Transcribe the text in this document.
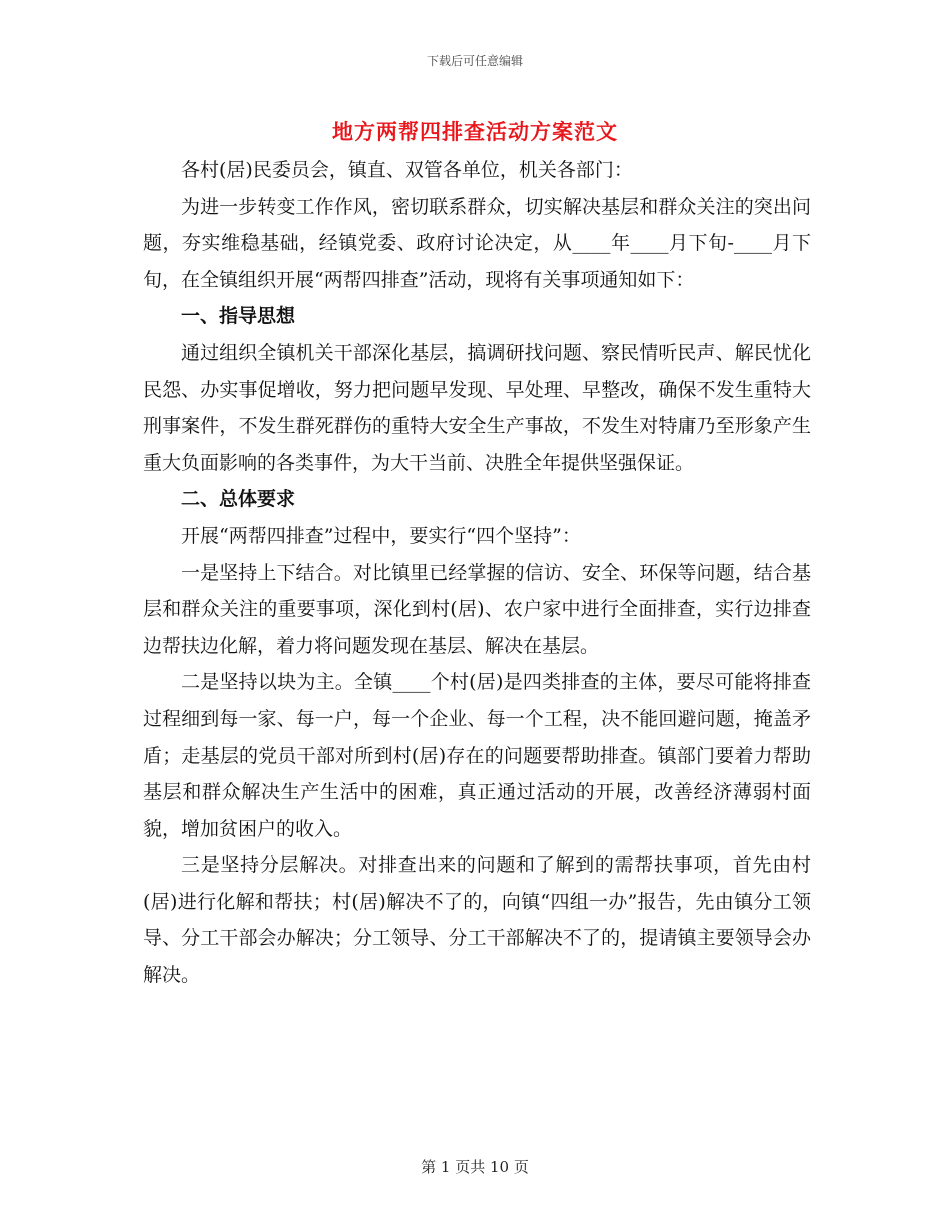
下载后可任意编辑
地方两帮四排查活动方案范文

各村(居)民委员会，镇直、双管各单位，机关各部门：

为进一步转变工作作风，密切联系群众，切实解决基层和群众关注的突出问题，夯实维稳基础，经镇党委、政府讨论决定，从____年____月下旬-____月下旬，在全镇组织开展“两帮四排查”活动，现将有关事项通知如下：

一、指导思想

通过组织全镇机关干部深化基层，搞调研找问题、察民情听民声、解民忧化民怨、办实事促增收，努力把问题早发现、早处理、早整改，确保不发生重特大刑事案件，不发生群死群伤的重特大安全生产事故，不发生对特庸乃至形象产生重大负面影响的各类事件，为大干当前、决胜全年提供坚强保证。

二、总体要求

开展“两帮四排查”过程中，要实行“四个坚持”：

一是坚持上下结合。对比镇里已经掌握的信访、安全、环保等问题，结合基层和群众关注的重要事项，深化到村(居)、农户家中进行全面排查，实行边排查边帮扶边化解，着力将问题发现在基层、解决在基层。

二是坚持以块为主。全镇____个村(居)是四类排查的主体，要尽可能将排查过程细到每一家、每一户，每一个企业、每一个工程，决不能回避问题，掩盖矛盾；走基层的党员干部对所到村(居)存在的问题要帮助排查。镇部门要着力帮助基层和群众解决生产生活中的困难，真正通过活动的开展，改善经济薄弱村面貌，增加贫困户的收入。

三是坚持分层解决。对排查出来的问题和了解到的需帮扶事项，首先由村(居)进行化解和帮扶；村(居)解决不了的，向镇“四组一办”报告，先由镇分工领导、分工干部会办解决；分工领导、分工干部解决不了的，提请镇主要领导会办解决。

第 1 页共 10 页
